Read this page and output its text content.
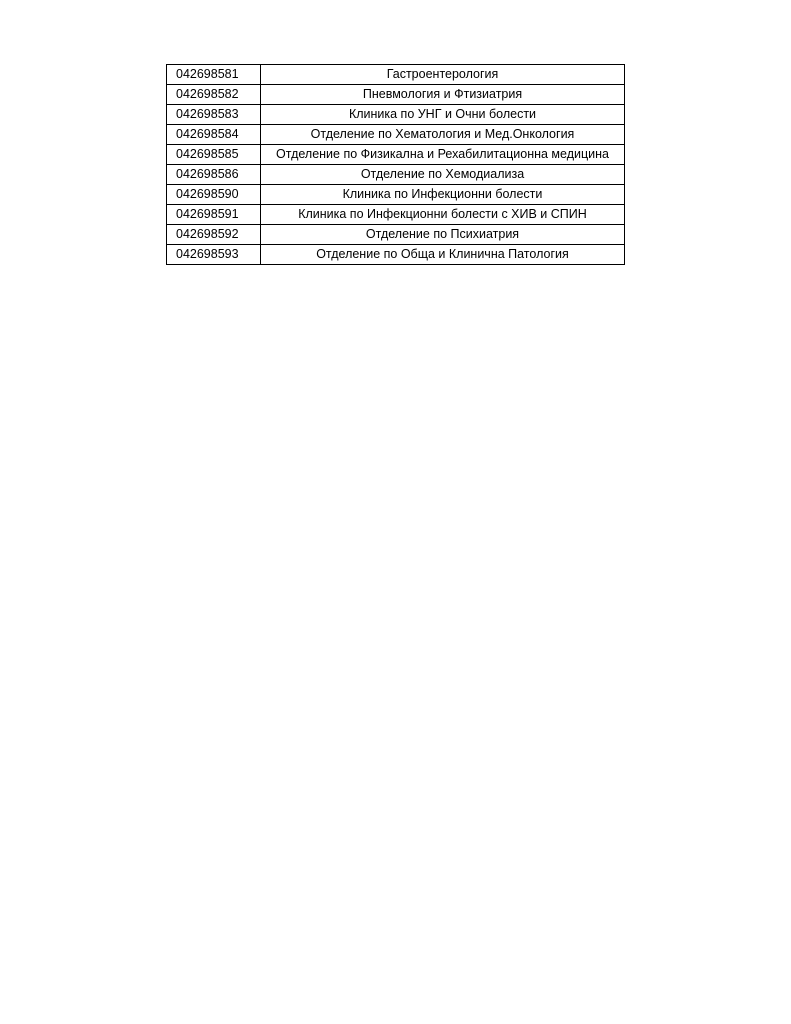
042698581	Гастроентерология
042698582	Пневмология и Фтизиатрия
042698583	Клиника по УНГ и Очни болести
042698584	Отделение по Хематология и Мед.Онкология
042698585	Отделение по Физикална и Рехабилитационна медицина
042698586	Отделение по Хемодиализа
042698590	Клиника по Инфекционни болести
042698591	Клиника по Инфекционни болести с ХИВ и СПИН
042698592	Отделение по Психиатрия
042698593	Отделение по Обща и Клинична Патология
